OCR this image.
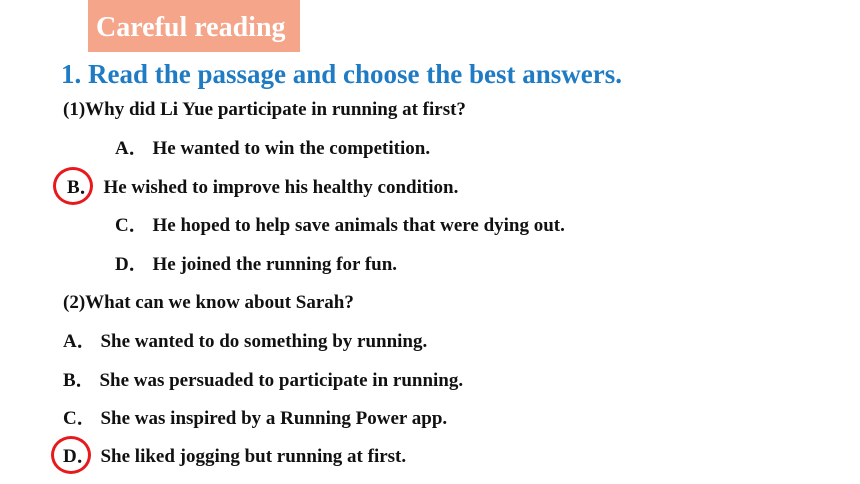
Careful reading
1. Read the passage and choose the best answers.
(1)Why did Li Yue participate in running at first?
A． He wanted to win the competition.
B． He wished to improve his healthy condition.
C． He hoped to help save animals that were dying out.
D． He joined the running for fun.
(2)What can we know about Sarah?
A． She wanted to do something by running.
B． She was persuaded to participate in running.
C． She was inspired by a Running Power app.
D． She liked jogging but running at first.
